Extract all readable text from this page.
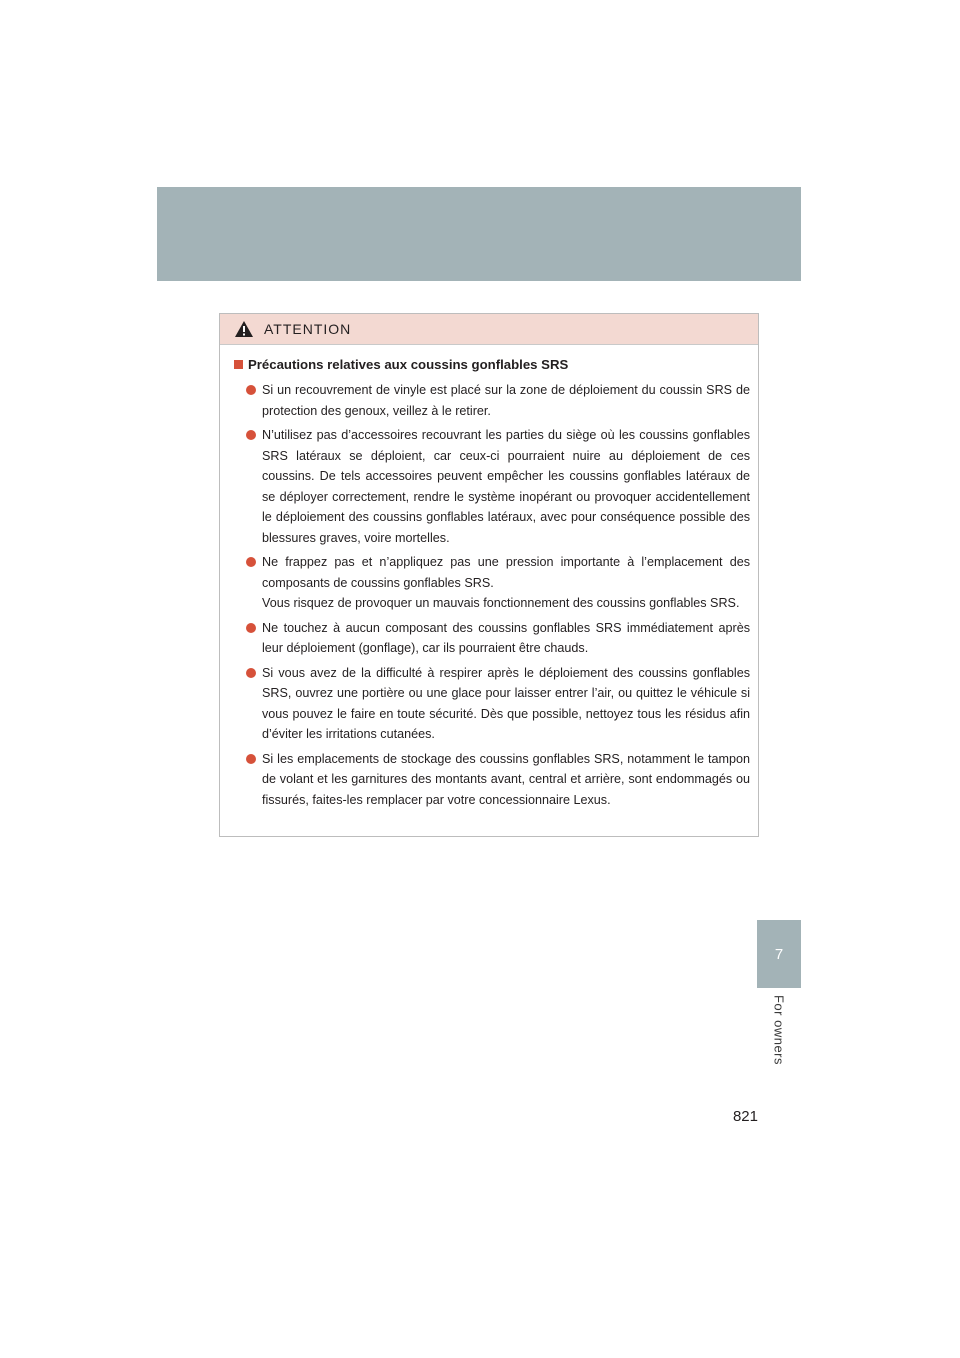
7
For owners
ATTENTION
Précautions relatives aux coussins gonflables SRS
Si un recouvrement de vinyle est placé sur la zone de déploiement du coussin SRS de protection des genoux, veillez à le retirer.
N’utilisez pas d’accessoires recouvrant les parties du siège où les coussins gonflables SRS latéraux se déploient, car ceux-ci pourraient nuire au déploiement de ces coussins. De tels accessoires peuvent empêcher les coussins gonflables latéraux de se déployer correctement, rendre le système inopérant ou provoquer accidentellement le déploiement des coussins gonflables latéraux, avec pour conséquence possible des blessures graves, voire mortelles.
Ne frappez pas et n’appliquez pas une pression importante à l’emplacement des composants de coussins gonflables SRS.
Vous risquez de provoquer un mauvais fonctionnement des coussins gonflables SRS.
Ne touchez à aucun composant des coussins gonflables SRS immédiatement après leur déploiement (gonflage), car ils pourraient être chauds.
Si vous avez de la difficulté à respirer après le déploiement des coussins gonflables SRS, ouvrez une portière ou une glace pour laisser entrer l’air, ou quittez le véhicule si vous pouvez le faire en toute sécurité. Dès que possible, nettoyez tous les résidus afin d’éviter les irritations cutanées.
Si les emplacements de stockage des coussins gonflables SRS, notamment le tampon de volant et les garnitures des montants avant, central et arrière, sont endommagés ou fissurés, faites-les remplacer par votre concessionnaire Lexus.
821
